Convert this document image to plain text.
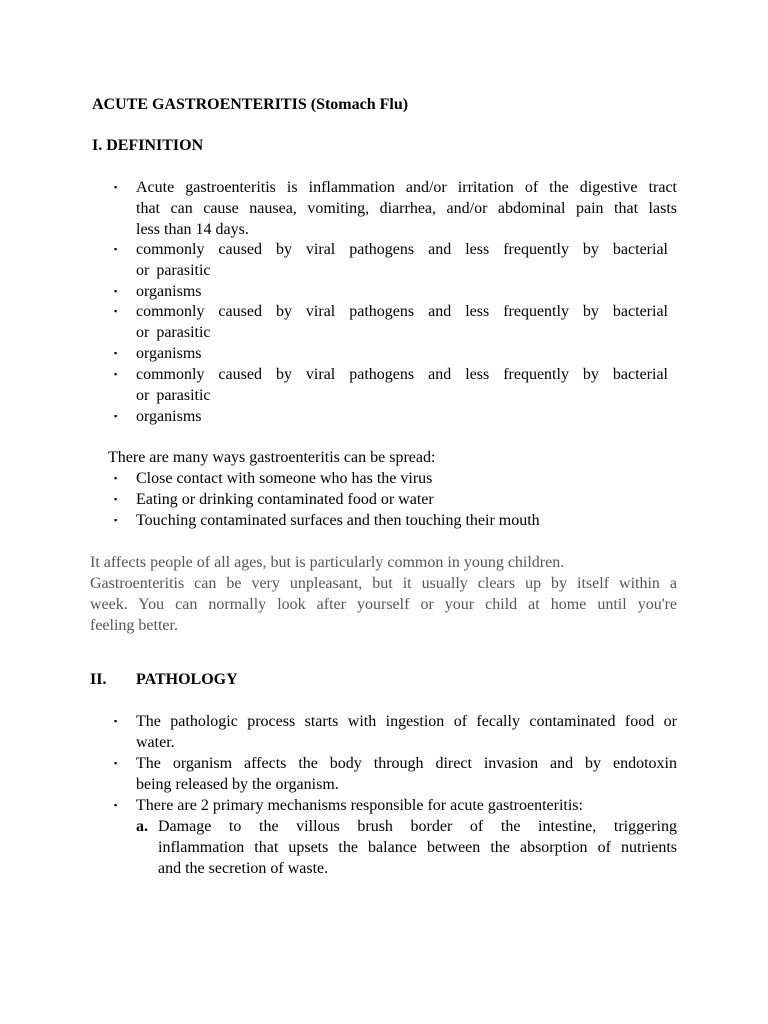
ACUTE GASTROENTERITIS (Stomach Flu)
I. DEFINITION
▪ Acute gastroenteritis is inflammation and/or irritation of the digestive tract
that can cause nausea, vomiting, diarrhea, and/or abdominal pain that lasts
less than 14 days.
▪ commonly caused by viral pathogens and less frequently by bacterial
or parasitic
▪ organisms
▪ commonly caused by viral pathogens and less frequently by bacterial
or parasitic
▪ organisms
▪ commonly caused by viral pathogens and less frequently by bacterial
or parasitic
▪ organisms
There are many ways gastroenteritis can be spread:
▪ Close contact with someone who has the virus
▪ Eating or drinking contaminated food or water
▪ Touching contaminated surfaces and then touching their mouth
It affects people of all ages, but is particularly common in young children.
Gastroenteritis can be very unpleasant, but it usually clears up by itself within a
week. You can normally look after yourself or your child at home until you're
feeling better.
II. PATHOLOGY
▪ The pathologic process starts with ingestion of fecally contaminated food or
water.
▪ The organism affects the body through direct invasion and by endotoxin
being released by the organism.
▪ There are 2 primary mechanisms responsible for acute gastroenteritis:
a. Damage to the villous brush border of the intestine, triggering
inflammation that upsets the balance between the absorption of nutrients
and the secretion of waste.
